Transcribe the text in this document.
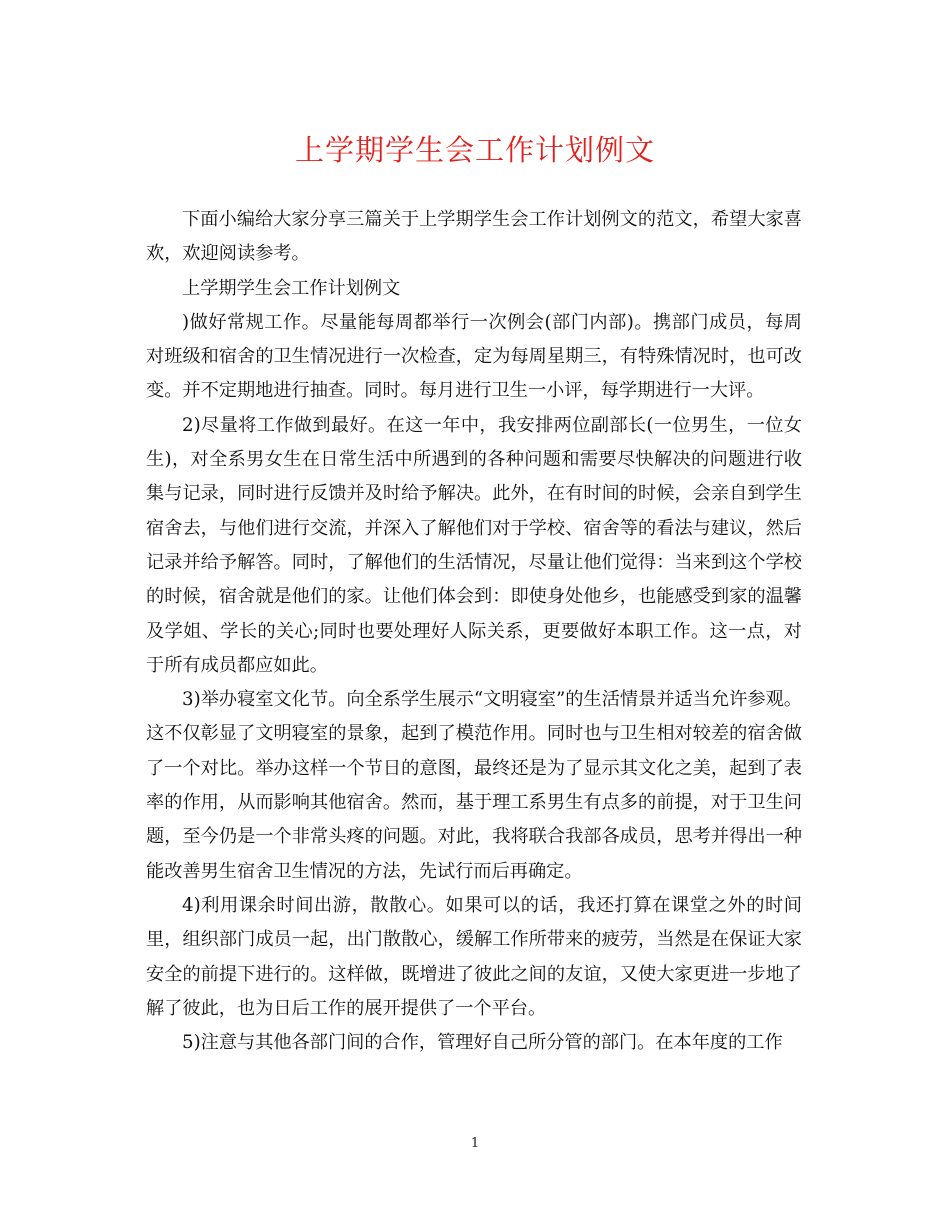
上学期学生会工作计划例文

下面小编给大家分享三篇关于上学期学生会工作计划例文的范文，希望大家喜欢，欢迎阅读参考。

上学期学生会工作计划例文

)做好常规工作。尽量能每周都举行一次例会(部门内部)。携部门成员，每周对班级和宿舍的卫生情况进行一次检查，定为每周星期三，有特殊情况时，也可改变。并不定期地进行抽查。同时。每月进行卫生一小评，每学期进行一大评。

2)尽量将工作做到最好。在这一年中，我安排两位副部长(一位男生，一位女生)，对全系男女生在日常生活中所遇到的各种问题和需要尽快解决的问题进行收集与记录，同时进行反馈并及时给予解决。此外，在有时间的时候，会亲自到学生宿舍去，与他们进行交流，并深入了解他们对于学校、宿舍等的看法与建议，然后记录并给予解答。同时，了解他们的生活情况，尽量让他们觉得：当来到这个学校的时候，宿舍就是他们的家。让他们体会到：即使身处他乡，也能感受到家的温馨及学姐、学长的关心;同时也要处理好人际关系，更要做好本职工作。这一点，对于所有成员都应如此。

3)举办寝室文化节。向全系学生展示“文明寝室”的生活情景并适当允许参观。这不仅彰显了文明寝室的景象，起到了模范作用。同时也与卫生相对较差的宿舍做了一个对比。举办这样一个节日的意图，最终还是为了显示其文化之美，起到了表率的作用，从而影响其他宿舍。然而，基于理工系男生有点多的前提，对于卫生问题，至今仍是一个非常头疼的问题。对此，我将联合我部各成员，思考并得出一种能改善男生宿舍卫生情况的方法，先试行而后再确定。

4)利用课余时间出游，散散心。如果可以的话，我还打算在课堂之外的时间里，组织部门成员一起，出门散散心，缓解工作所带来的疲劳，当然是在保证大家安全的前提下进行的。这样做，既增进了彼此之间的友谊，又使大家更进一步地了解了彼此，也为日后工作的展开提供了一个平台。

5)注意与其他各部门间的合作，管理好自己所分管的部门。在本年度的工作

1
